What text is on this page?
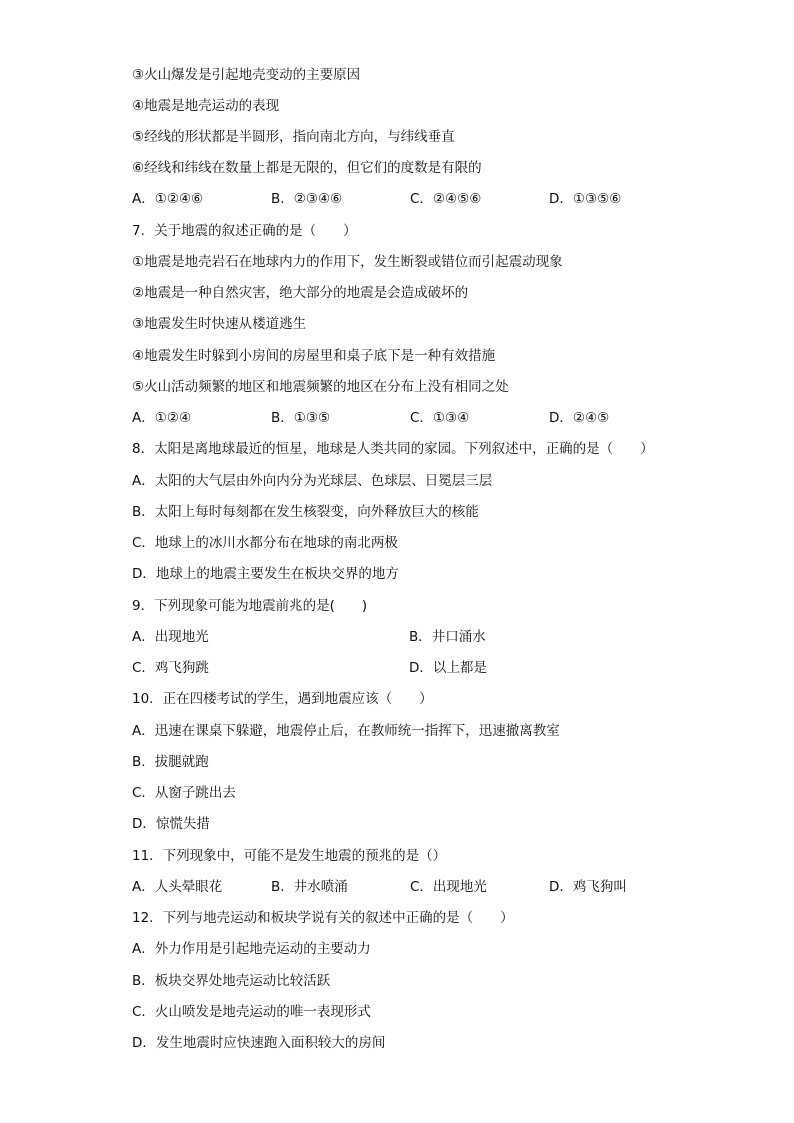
③火山爆发是引起地壳变动的主要原因
④地震是地壳运动的表现
⑤经线的形状都是半圆形，指向南北方向，与纬线垂直
⑥经线和纬线在数量上都是无限的，但它们的度数是有限的
A．①②④⑥	B．②③④⑥	C．②④⑤⑥	D．①③⑤⑥
7．关于地震的叙述正确的是（　　）
①地震是地壳岩石在地球内力的作用下，发生断裂或错位而引起震动现象
②地震是一种自然灾害，绝大部分的地震是会造成破坏的
③地震发生时快速从楼道逃生
④地震发生时躲到小房间的房屋里和桌子底下是一种有效措施
⑤火山活动频繁的地区和地震频繁的地区在分布上没有相同之处
A．①②④	B．①③⑤	C．①③④	D．②④⑤
8．太阳是离地球最近的恒星，地球是人类共同的家园。下列叙述中，正确的是（　　）
A．太阳的大气层由外向内分为光球层、色球层、日冕层三层
B．太阳上每时每刻都在发生核裂变，向外释放巨大的核能
C．地球上的冰川水都分布在地球的南北两极
D．地球上的地震主要发生在板块交界的地方
9．下列现象可能为地震前兆的是(　　)
A．出现地光	B．井口涌水
C．鸡飞狗跳	D．以上都是
10．正在四楼考试的学生，遇到地震应该（　　）
A．迅速在课桌下躲避，地震停止后，在教师统一指挥下，迅速撤离教室
B．拔腿就跑
C．从窗子跳出去
D．惊慌失措
11．下列现象中，可能不是发生地震的预兆的是（）
A．人头晕眼花	B．井水喷涌	C．出现地光	D．鸡飞狗叫
12．下列与地壳运动和板块学说有关的叙述中正确的是（　　）
A．外力作用是引起地壳运动的主要动力
B．板块交界处地壳运动比较活跃
C．火山喷发是地壳运动的唯一表现形式
D．发生地震时应快速跑入面积较大的房间
